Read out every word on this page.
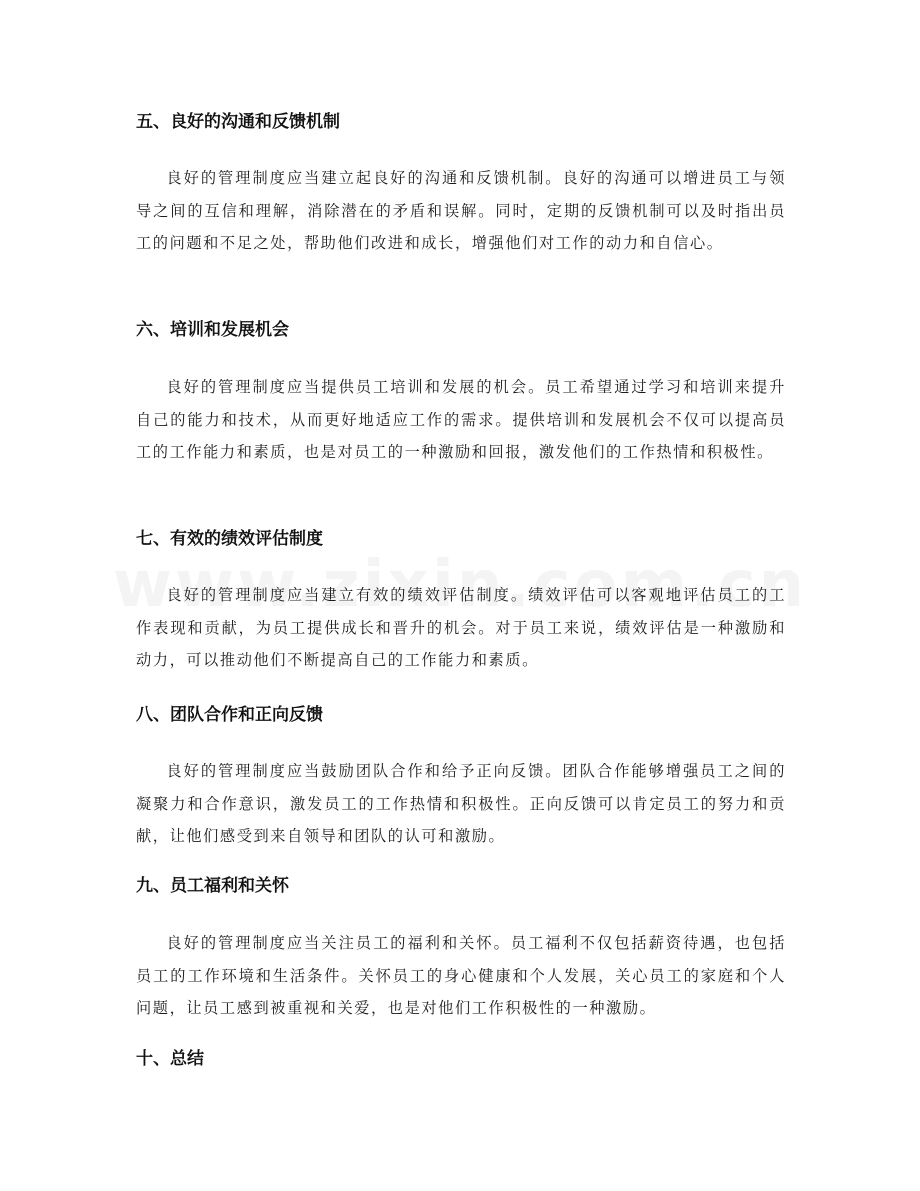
五、良好的沟通和反馈机制

良好的管理制度应当建立起良好的沟通和反馈机制。良好的沟通可以增进员工与领导之间的互信和理解，消除潜在的矛盾和误解。同时，定期的反馈机制可以及时指出员工的问题和不足之处，帮助他们改进和成长，增强他们对工作的动力和自信心。

六、培训和发展机会

良好的管理制度应当提供员工培训和发展的机会。员工希望通过学习和培训来提升自己的能力和技术，从而更好地适应工作的需求。提供培训和发展机会不仅可以提高员工的工作能力和素质，也是对员工的一种激励和回报，激发他们的工作热情和积极性。

七、有效的绩效评估制度

良好的管理制度应当建立有效的绩效评估制度。绩效评估可以客观地评估员工的工作表现和贡献，为员工提供成长和晋升的机会。对于员工来说，绩效评估是一种激励和动力，可以推动他们不断提高自己的工作能力和素质。

八、团队合作和正向反馈

良好的管理制度应当鼓励团队合作和给予正向反馈。团队合作能够增强员工之间的凝聚力和合作意识，激发员工的工作热情和积极性。正向反馈可以肯定员工的努力和贡献，让他们感受到来自领导和团队的认可和激励。

九、员工福利和关怀

良好的管理制度应当关注员工的福利和关怀。员工福利不仅包括薪资待遇，也包括员工的工作环境和生活条件。关怀员工的身心健康和个人发展，关心员工的家庭和个人问题，让员工感到被重视和关爱，也是对他们工作积极性的一种激励。

十、总结
